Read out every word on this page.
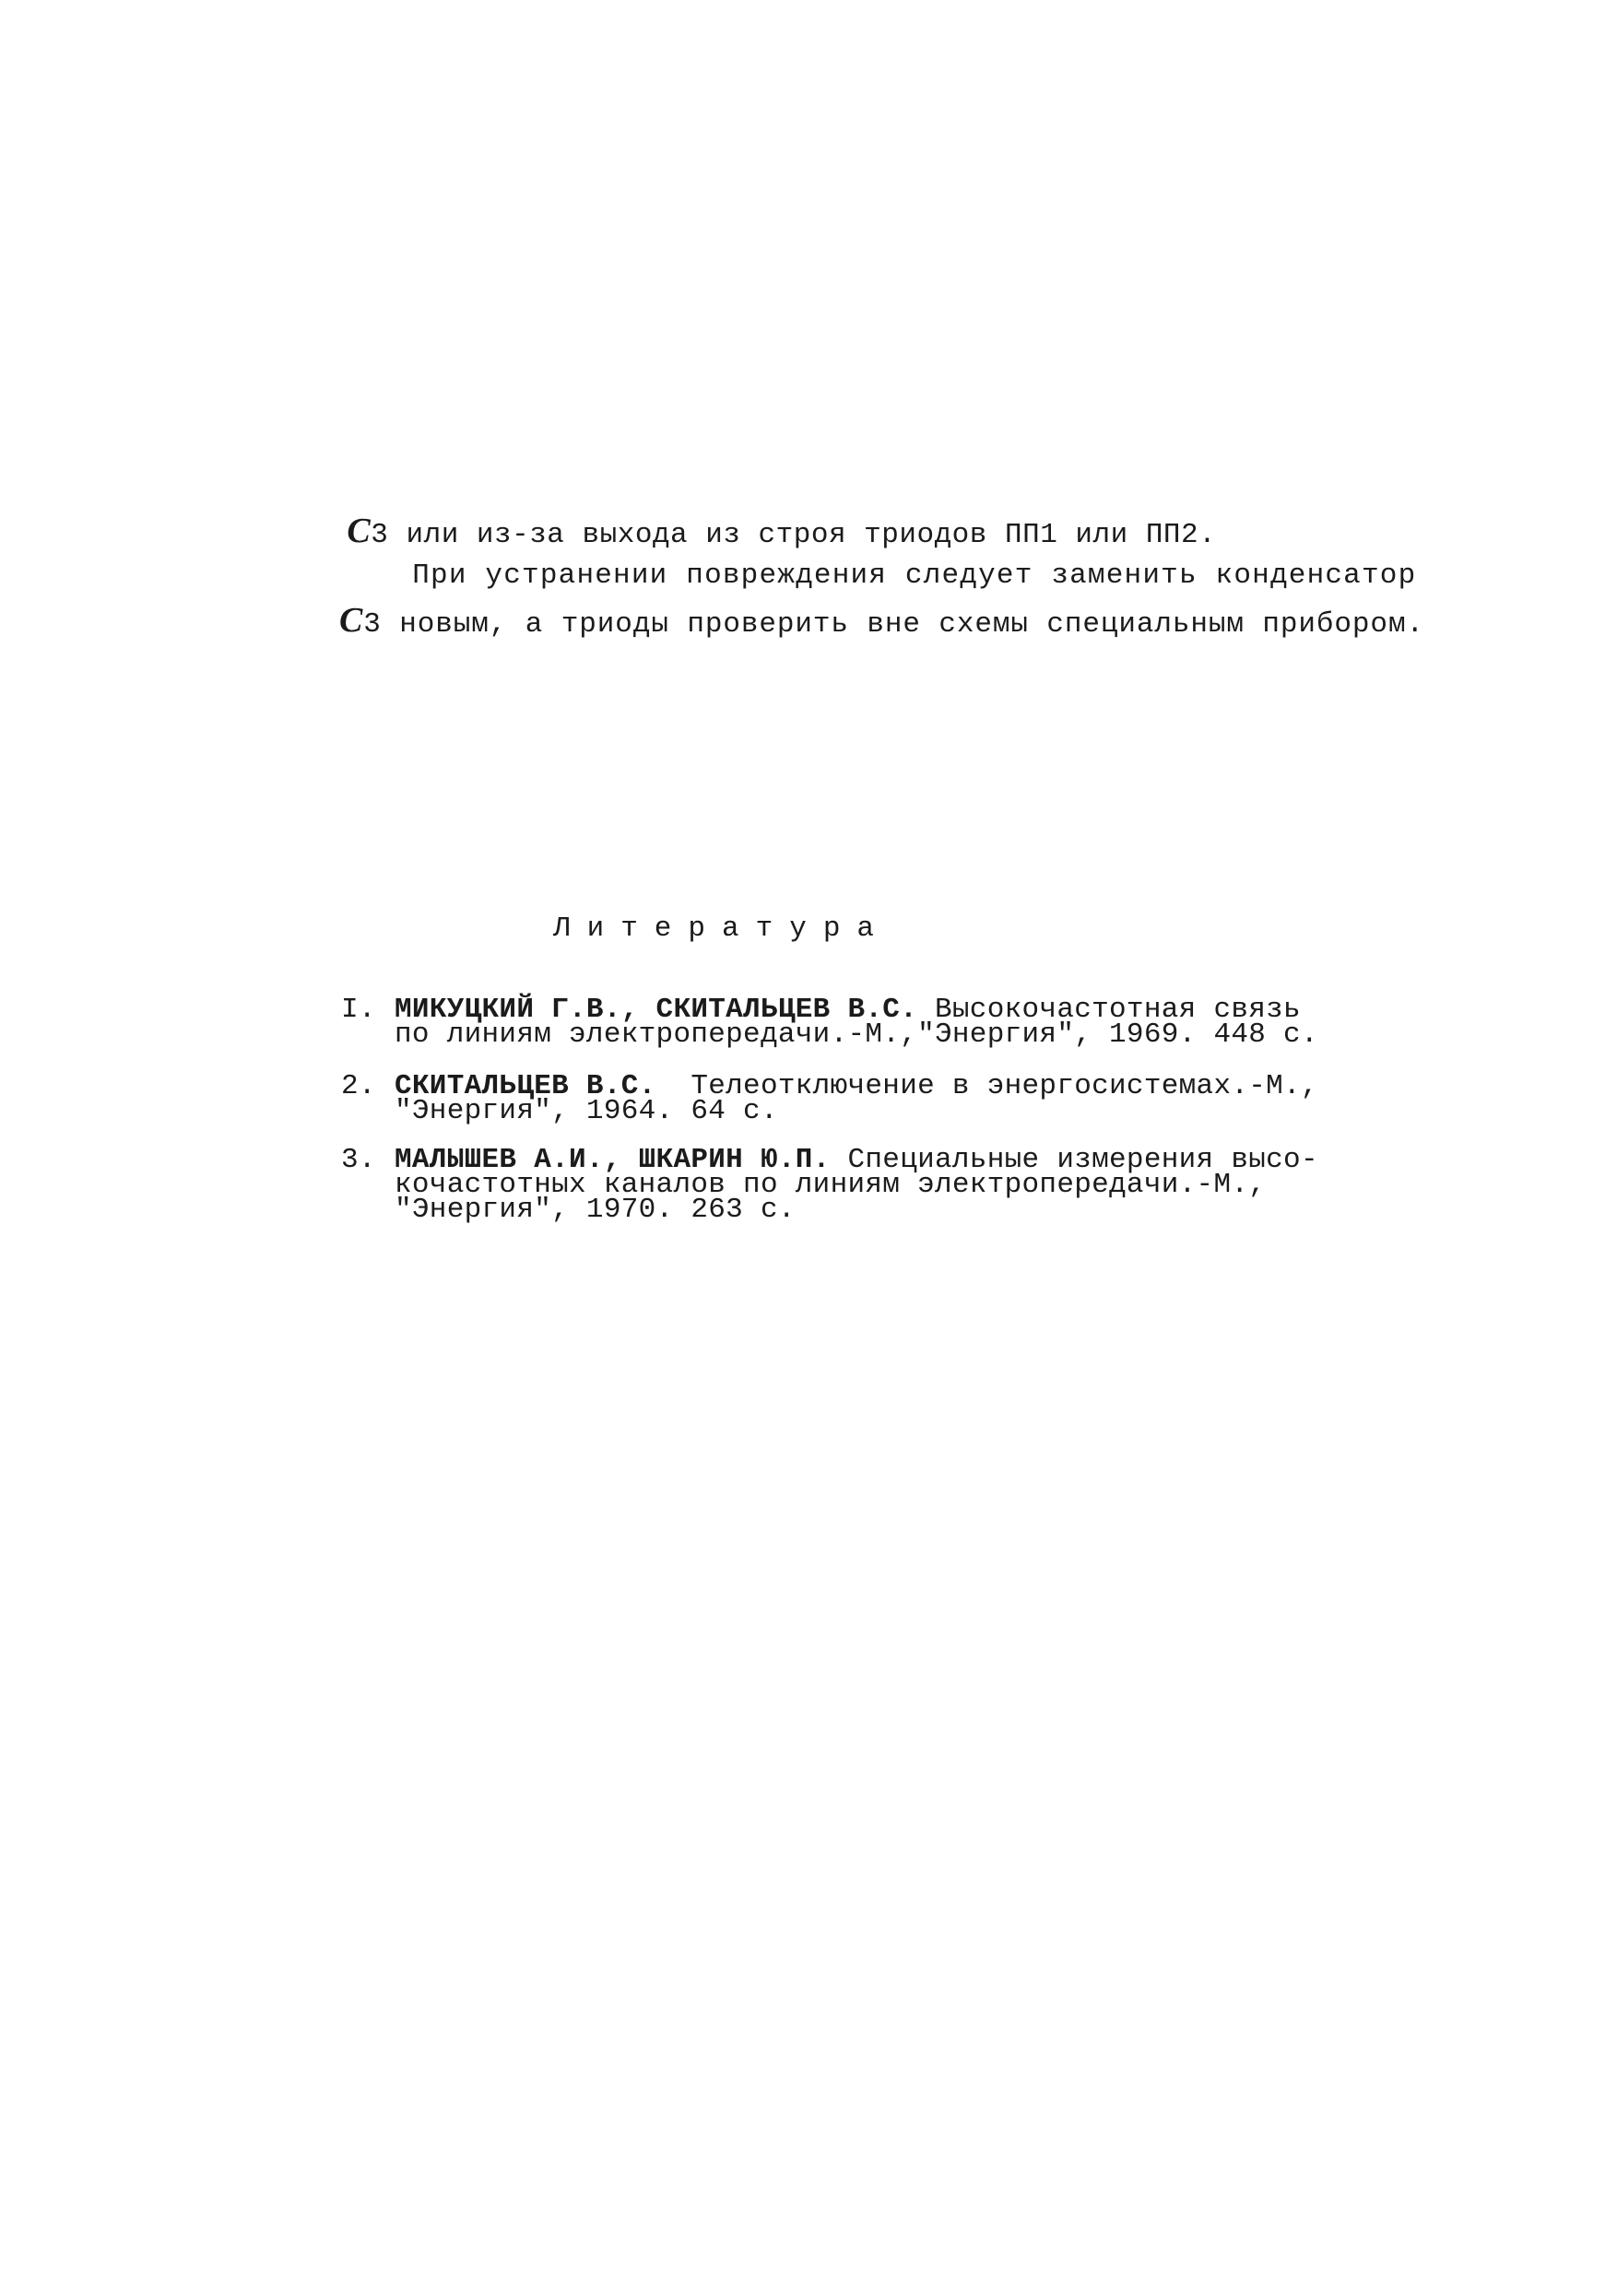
С3 или из-за выхода из строя триодов ПП1 или ПП2.

При устранении повреждения следует заменить конденсатор

С3 новым, а триоды проверить вне схемы специальным прибором.

Литература
I. МИКУЦКИЙ Г.В., СКИТАЛЬЦЕВ В.С. Высокочастотная связь
по линиям электропередачи.-М.,"Энергия", 1969. 448 с.
2. СКИТАЛЬЦЕВ В.С.  Телеотключение в энергосистемах.-М.,
"Энергия", 1964. 64 с.
3. МАЛЫШЕВ А.И., ШКАРИН Ю.П. Специальные измерения высо-
кочастотных каналов по линиям электропередачи.-М.,
"Энергия", 1970. 263 с.
